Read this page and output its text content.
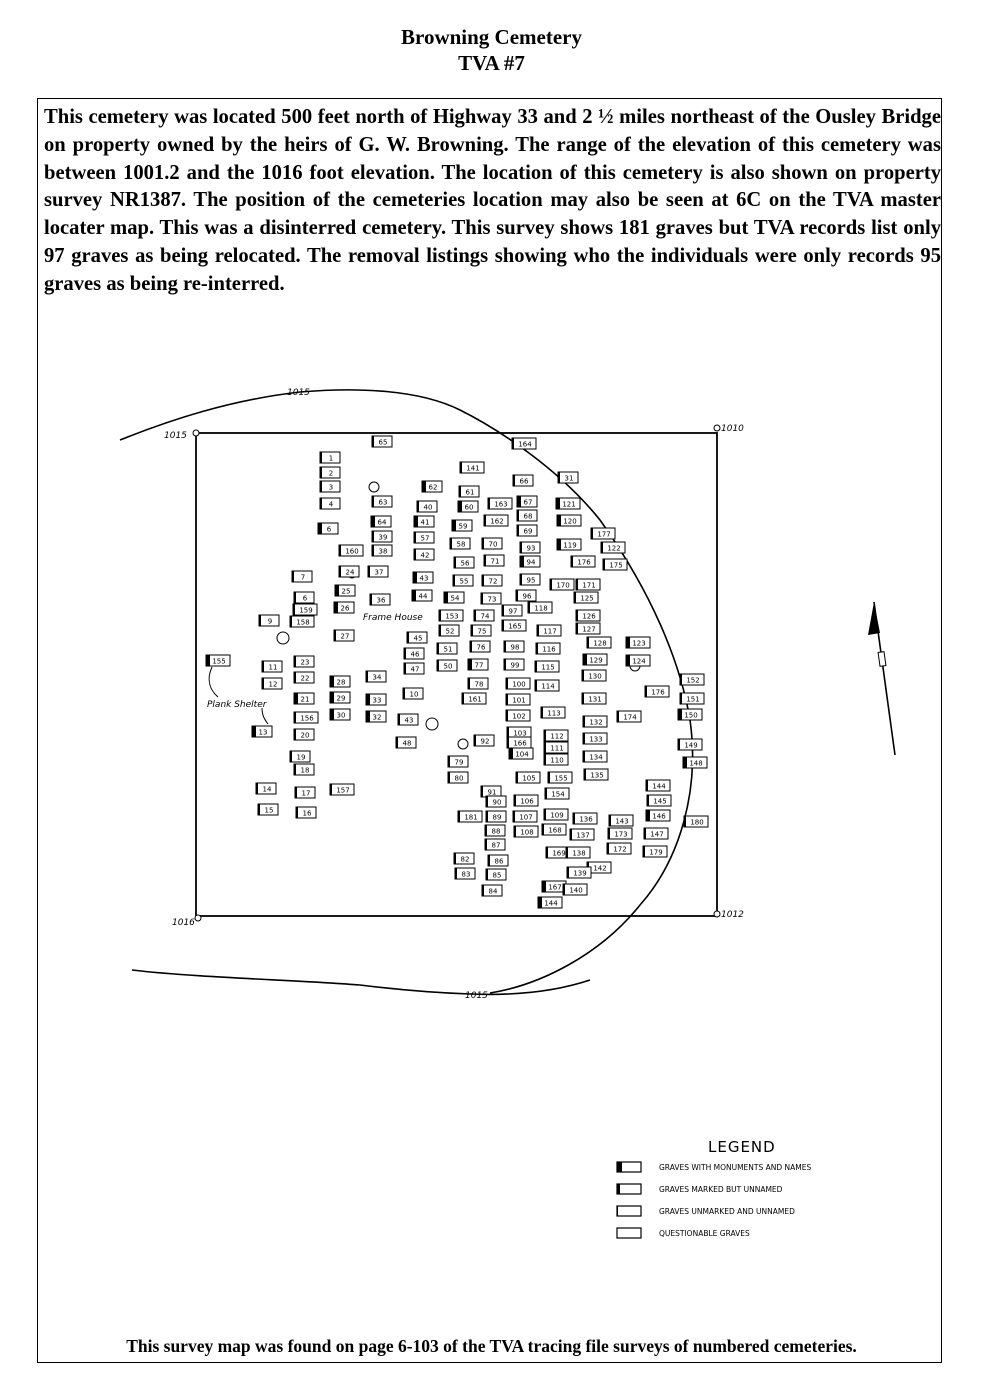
Browning Cemetery
TVA #7
This cemetery was located 500 feet north of Highway 33 and 2 ½ miles northeast of the Ousley Bridge on property owned by the heirs of G. W. Browning. The range of the elevation of this cemetery was between 1001.2 and the 1016 foot elevation. The location of this cemetery is also shown on property survey NR1387. The position of the cemeteries location may also be seen at 6C on the TVA master locater map. This was a disinterred cemetery. This survey shows 181 graves but TVA records list only 97 graves as being relocated. The removal listings showing who the individuals were only records 95 graves as being re-interred.
1015
1015
1015
1010
1016
1012
Frame House
Plank Shelter
1
2
3
4
6
65	164
141
66	31
62
61
63
40	60	163 67	121
64	41	59
162
68
120
39	57
69	177
160	38	42
58	70	93	119	122
56	71	94	176	175
24	37
43	55	72	95
170 171
7
25
6	44	54	73	96	125
36
26
159	97 118
158
9
153	74	126
165
52	75	117	127
27	45
123
128
46
51	76	98	116
155	23
11	47	50	77	99	115
129	124
130	152
12
22	28
34
78	100 114
176
10
161
21	29	33	101	131	151
156	30	32	43	102	113
132
174	150
13	20	103	112	133
48	92	166
111	149
104
19	110	134
148
79
18
80	105	155	135
144
14	17	157	91	154
90	106	145
15	16	181 89	107	109 136	143
146
180
88	108 168
137	173	147
87
169 138	172	179
82	86
142
83	85	139
167 140
84
144
LEGEND
GRAVES WITH MONUMENTS AND NAMES
GRAVES MARKED BUT UNNAMED
GRAVES UNMARKED AND UNNAMED
QUESTIONABLE GRAVES
This survey map was found on page 6-103 of the TVA tracing file surveys of numbered cemeteries.
